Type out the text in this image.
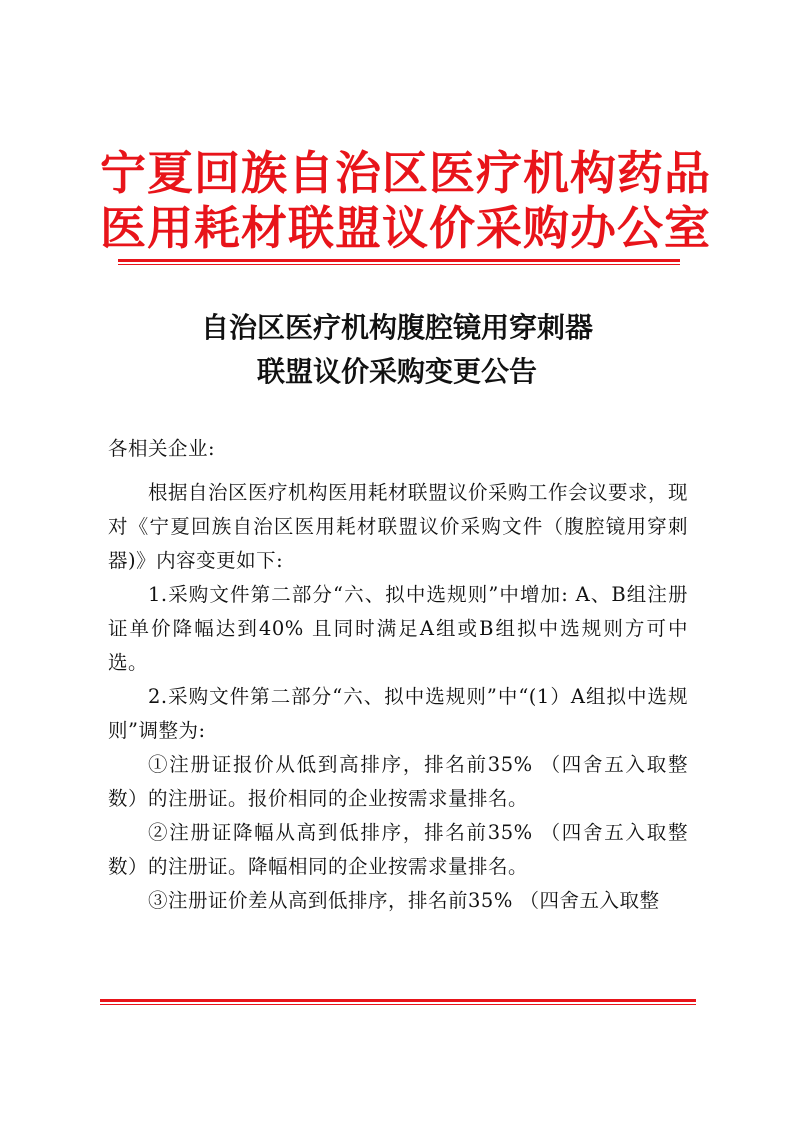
宁夏回族自治区医疗机构药品
医用耗材联盟议价采购办公室
自治区医疗机构腹腔镜用穿刺器
联盟议价采购变更公告

各相关企业:

根据自治区医疗机构医用耗材联盟议价采购工作会议要求，现对《宁夏回族自治区医用耗材联盟议价采购文件（腹腔镜用穿刺器)》内容变更如下:

1.采购文件第二部分“六、拟中选规则”中增加: A、B组注册证单价降幅达到40% 且同时满足A组或B组拟中选规则方可中选。

2.采购文件第二部分“六、拟中选规则”中“(1）A组拟中选规则”调整为:

①注册证报价从低到高排序，排名前35% （四舍五入取整数）的注册证。报价相同的企业按需求量排名。

②注册证降幅从高到低排序，排名前35% （四舍五入取整数）的注册证。降幅相同的企业按需求量排名。

③注册证价差从高到低排序，排名前35% （四舍五入取整
